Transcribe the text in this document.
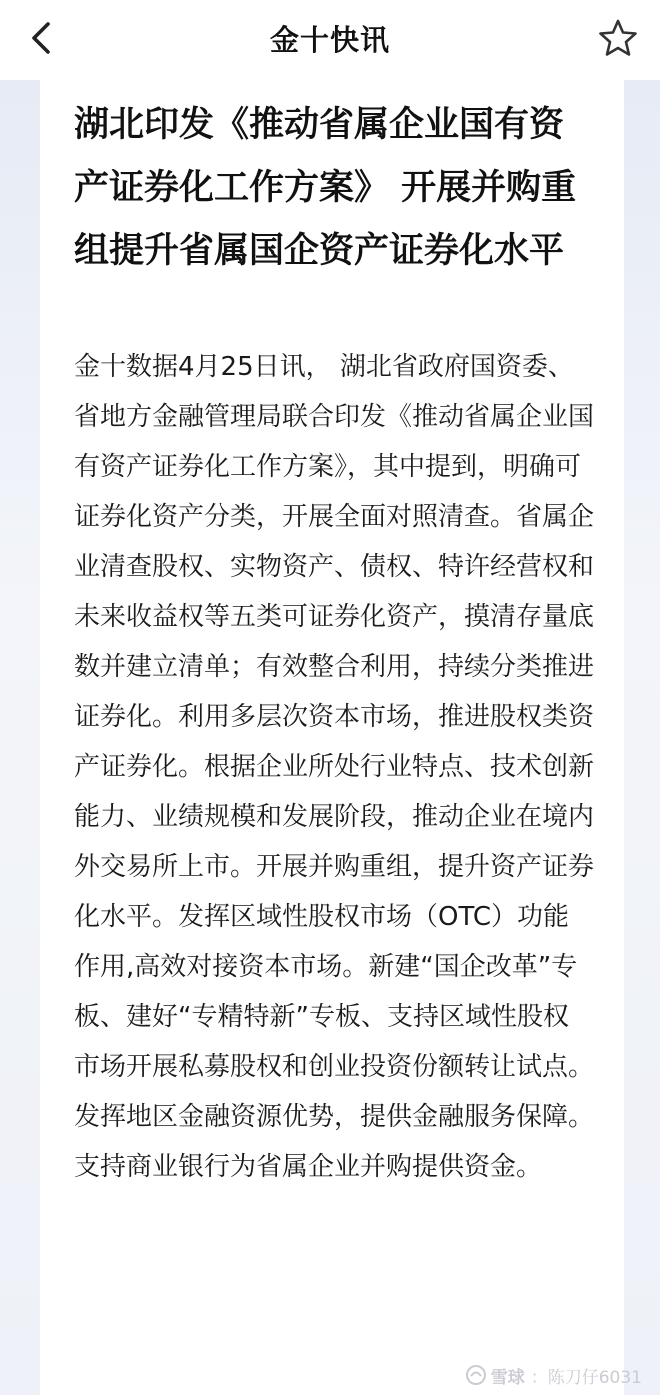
金十快讯
湖北印发《推动省属企业国有资产证券化工作方案》 开展并购重组提升省属国企资产证券化水平

金十数据4月25日讯， 湖北省政府国资委、省地方金融管理局联合印发《推动省属企业国有资产证券化工作方案》，其中提到，明确可证券化资产分类，开展全面对照清查。省属企业清查股权、实物资产、债权、特许经营权和未来收益权等五类可证券化资产，摸清存量底数并建立清单；有效整合利用，持续分类推进证券化。利用多层次资本市场，推进股权类资产证券化。根据企业所处行业特点、技术创新能力、业绩规模和发展阶段，推动企业在境内外交易所上市。开展并购重组，提升资产证券化水平。发挥区域性股权市场（OTC）功能作用,高效对接资本市场。新建“国企改革”专板、建好“专精特新”专板、支持区域性股权市场开展私募股权和创业投资份额转让试点。发挥地区金融资源优势，提供金融服务保障。支持商业银行为省属企业并购提供资金。

雪球 ： 陈刀仔6031
